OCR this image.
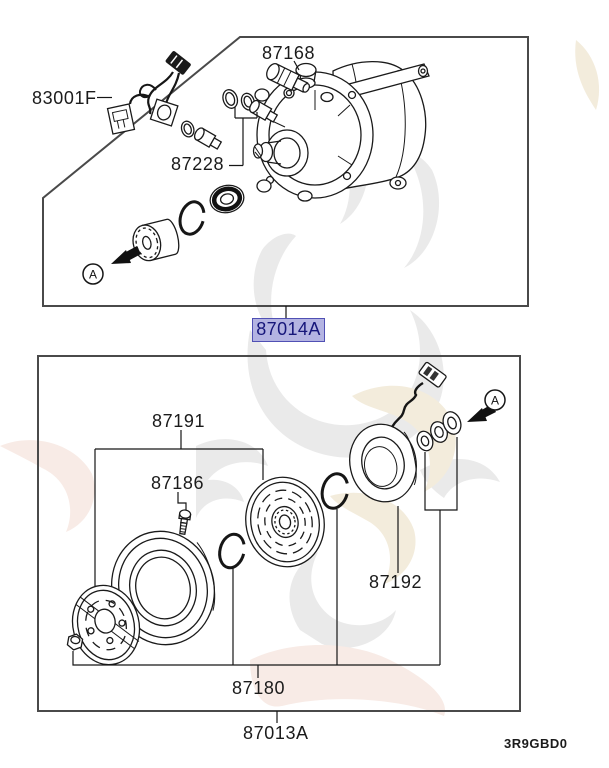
A
A
87168
83001F
87228
87014A
87191
87186
87192
87180
87013A
3R9GBD0
